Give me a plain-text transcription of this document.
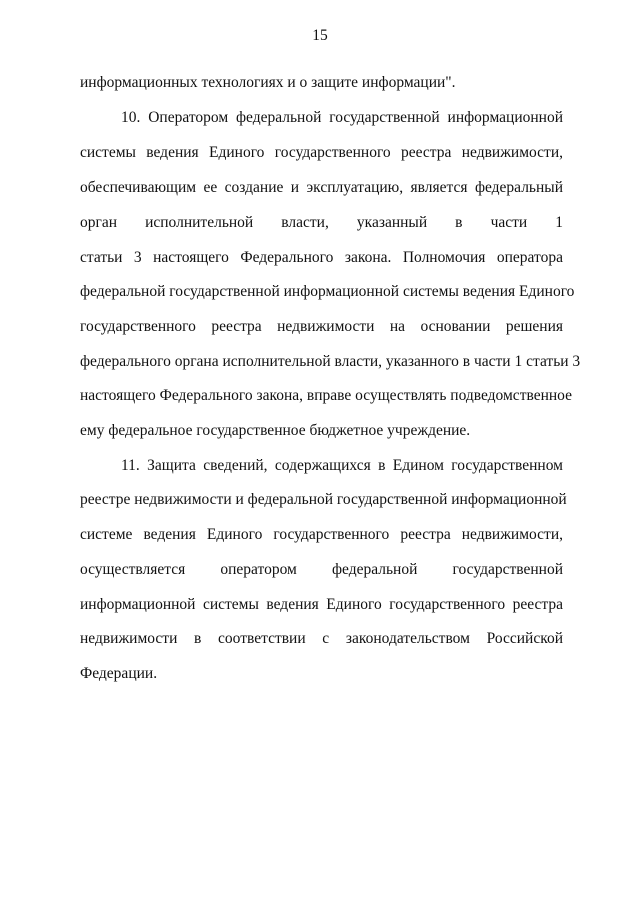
15
информационных технологиях и о защите информации".
10. Оператором федеральной государственной информационной
системы ведения Единого государственного реестра недвижимости,
обеспечивающим ее создание и эксплуатацию, является федеральный
орган исполнительной власти, указанный в части 1
статьи 3 настоящего Федерального закона. Полномочия оператора
федеральной государственной информационной системы ведения Единого
государственного реестра недвижимости на основании решения
федерального органа исполнительной власти, указанного в части 1 статьи 3
настоящего Федерального закона, вправе осуществлять подведомственное
ему федеральное государственное бюджетное учреждение.
11. Защита сведений, содержащихся в Едином государственном
реестре недвижимости и федеральной государственной информационной
системе ведения Единого государственного реестра недвижимости,
осуществляется оператором федеральной государственной
информационной системы ведения Единого государственного реестра
недвижимости в соответствии с законодательством Российской
Федерации.
